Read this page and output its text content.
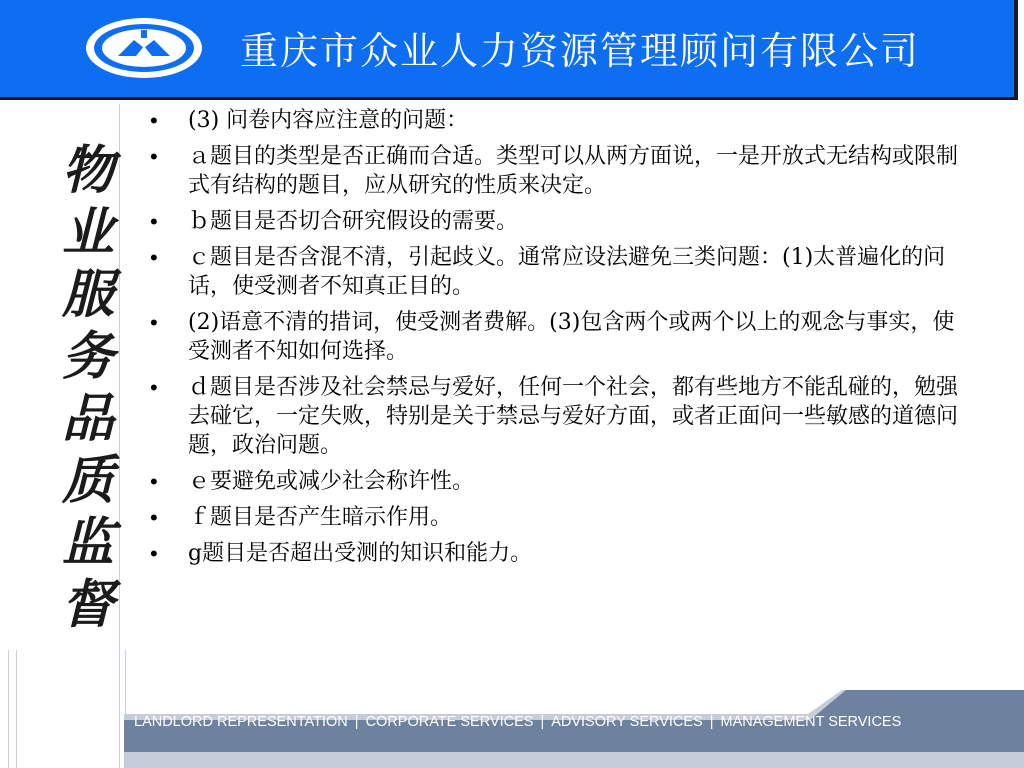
重庆市众业人力资源管理顾问有限公司
物
业
服
务
品
质
监
督
• (3) 问卷内容应注意的问题：
• ａ题目的类型是否正确而合适。类型可以从两方面说，一是开放式无结构或限制式有结构的题目，应从研究的性质来决定。
• ｂ题目是否切合研究假设的需要。
• ｃ题目是否含混不清，引起歧义。通常应设法避免三类问题：(1)太普遍化的问话，使受测者不知真正目的。
• (2)语意不清的措词，使受测者费解。(3)包含两个或两个以上的观念与事实，使受测者不知如何选择。
• ｄ题目是否涉及社会禁忌与爱好，任何一个社会，都有些地方不能乱碰的，勉强去碰它，一定失败，特别是关于禁忌与爱好方面，或者正面问一些敏感的道德问题，政治问题。
• ｅ要避免或减少社会称许性。
• ｆ题目是否产生暗示作用。
• g题目是否超出受测的知识和能力。
LANDLORD REPRESENTATION | CORPORATE SERVICES | ADVISORY SERVICES | MANAGEMENT SERVICES
